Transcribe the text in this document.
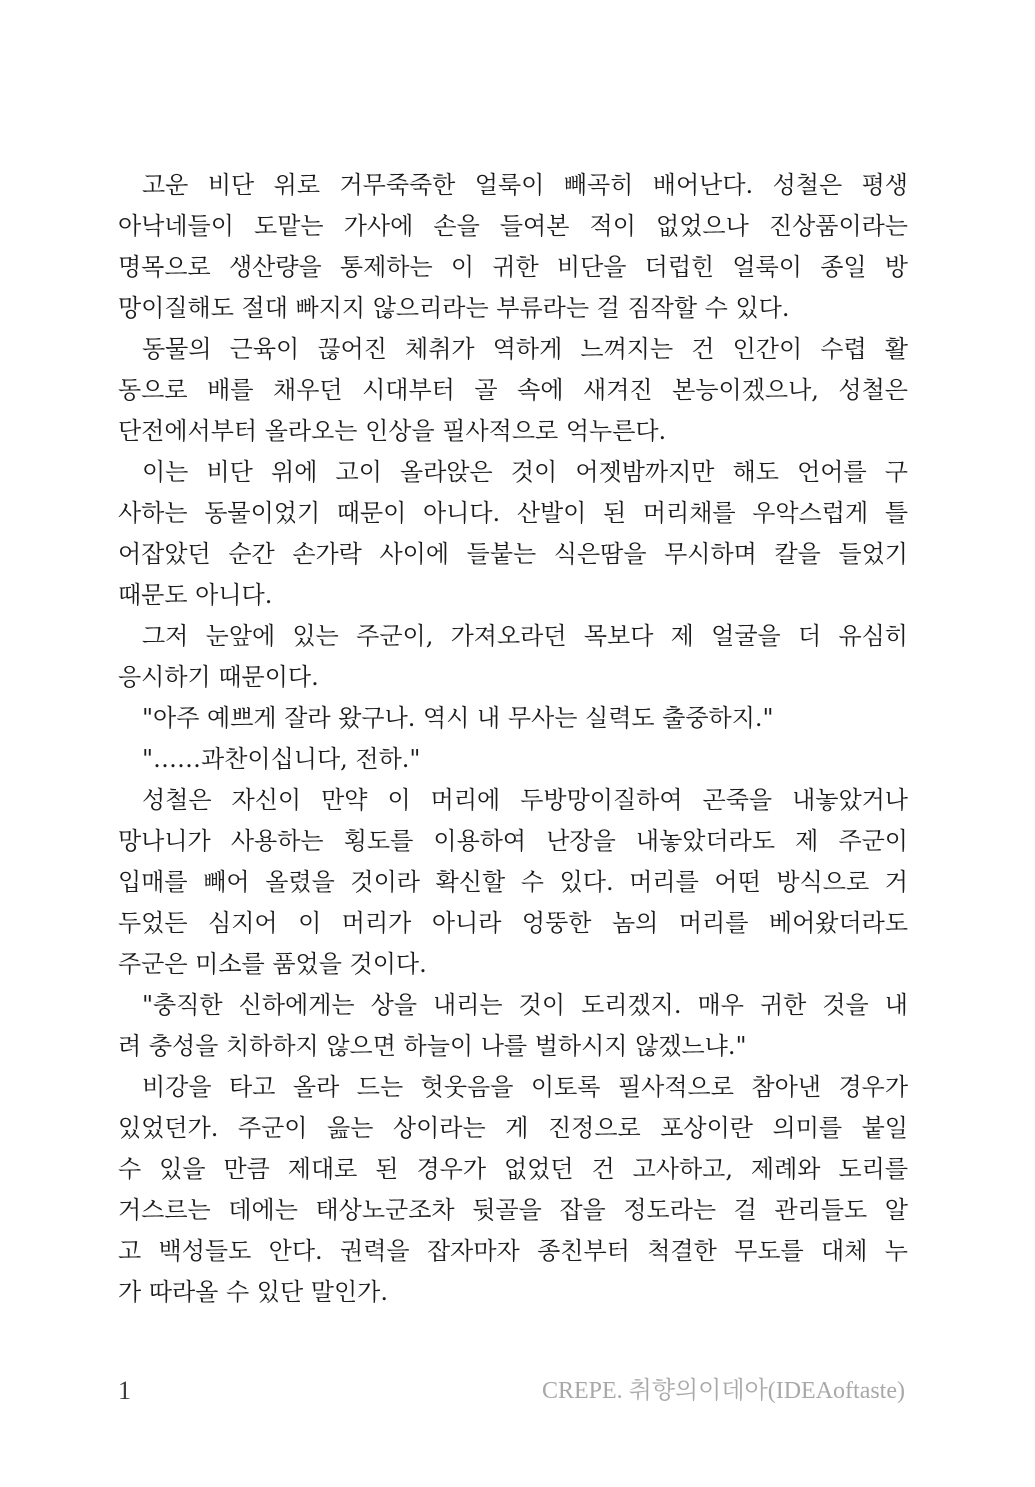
고운 비단 위로 거무죽죽한 얼룩이 빼곡히 배어난다. 성철은 평생
아낙네들이 도맡는 가사에 손을 들여본 적이 없었으나 진상품이라는
명목으로 생산량을 통제하는 이 귀한 비단을 더럽힌 얼룩이 종일 방
망이질해도 절대 빠지지 않으리라는 부류라는 걸 짐작할 수 있다.
동물의 근육이 끊어진 체취가 역하게 느껴지는 건 인간이 수렵 활
동으로 배를 채우던 시대부터 골 속에 새겨진 본능이겠으나, 성철은
단전에서부터 올라오는 인상을 필사적으로 억누른다.
이는 비단 위에 고이 올라앉은 것이 어젯밤까지만 해도 언어를 구
사하는 동물이었기 때문이 아니다. 산발이 된 머리채를 우악스럽게 틀
어잡았던 순간 손가락 사이에 들붙는 식은땀을 무시하며 칼을 들었기
때문도 아니다.
그저 눈앞에 있는 주군이, 가져오라던 목보다 제 얼굴을 더 유심히
응시하기 때문이다.
"아주 예쁘게 잘라 왔구나. 역시 내 무사는 실력도 출중하지."
"……과찬이십니다, 전하."
성철은 자신이 만약 이 머리에 두방망이질하여 곤죽을 내놓았거나
망나니가 사용하는 횡도를 이용하여 난장을 내놓았더라도 제 주군이
입매를 빼어 올렸을 것이라 확신할 수 있다. 머리를 어떤 방식으로 거
두었든 심지어 이 머리가 아니라 엉뚱한 놈의 머리를 베어왔더라도
주군은 미소를 품었을 것이다.
"충직한 신하에게는 상을 내리는 것이 도리겠지. 매우 귀한 것을 내
려 충성을 치하하지 않으면 하늘이 나를 벌하시지 않겠느냐."
비강을 타고 올라 드는 헛웃음을 이토록 필사적으로 참아낸 경우가
있었던가. 주군이 읊는 상이라는 게 진정으로 포상이란 의미를 붙일
수 있을 만큼 제대로 된 경우가 없었던 건 고사하고, 제례와 도리를
거스르는 데에는 태상노군조차 뒷골을 잡을 정도라는 걸 관리들도 알
고 백성들도 안다. 권력을 잡자마자 종친부터 척결한 무도를 대체 누
가 따라올 수 있단 말인가.
1	CREPE. 취향의이데아(IDEAoftaste)
